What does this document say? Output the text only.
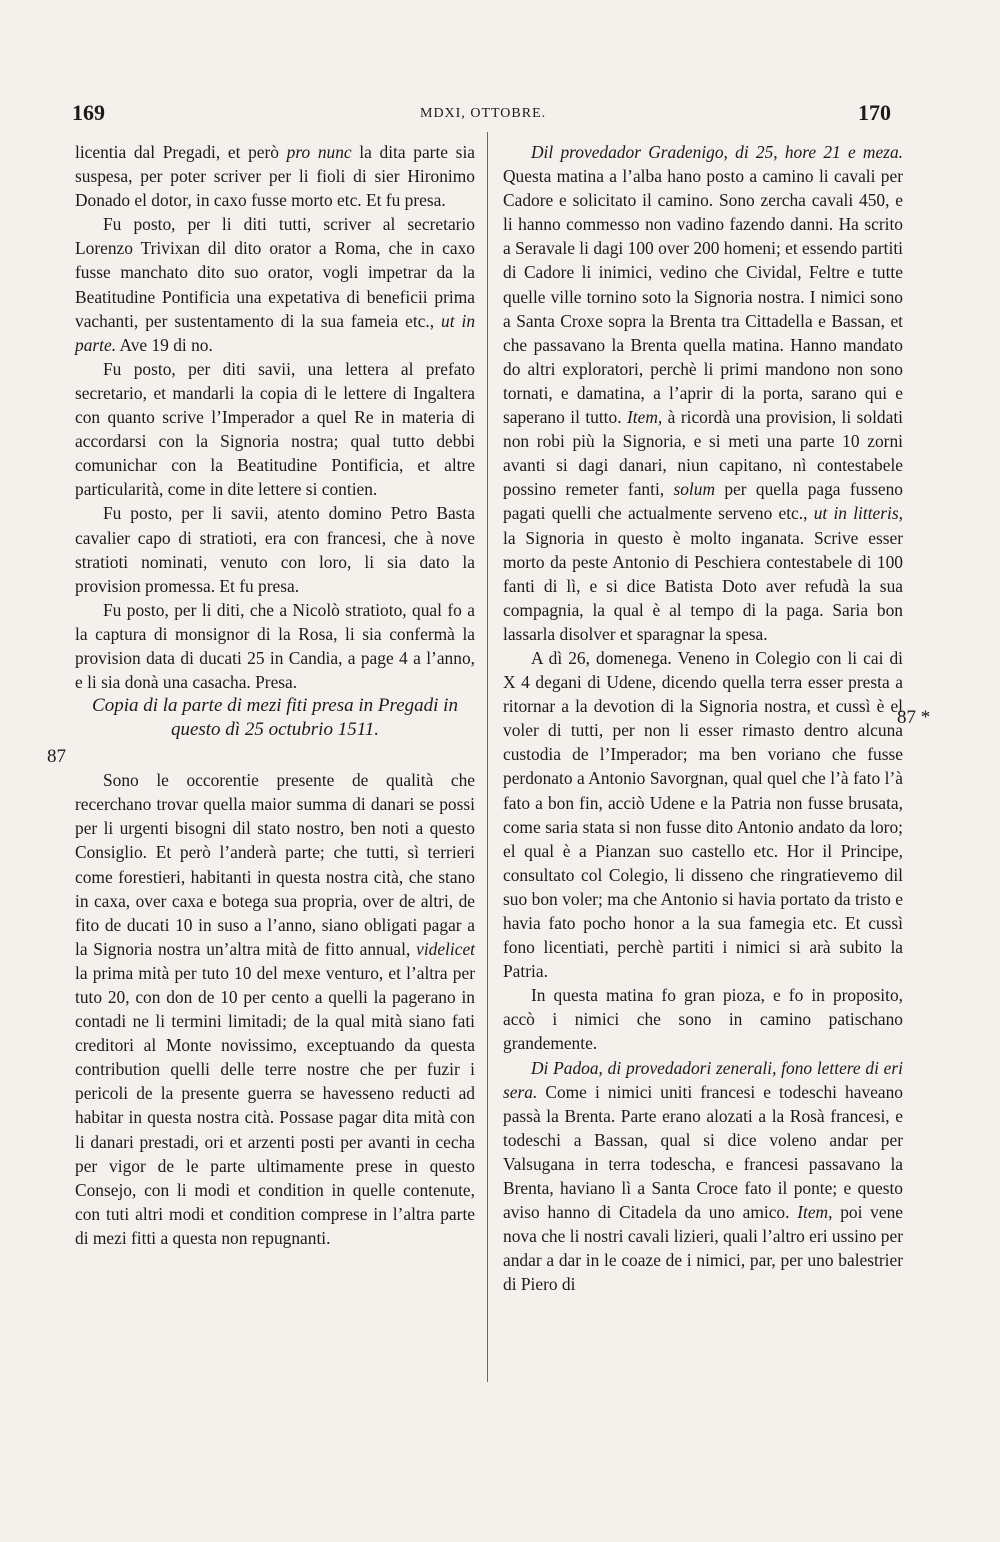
169	MDXI, OTTOBRE.	170
87
87 *

licentia dal Pregadi, et però pro nunc la dita parte sia suspesa, per poter scriver per li fioli di sier Hironimo Donado el dotor, in caxo fusse morto etc. Et fu presa.

Fu posto, per li diti tutti, scriver al secretario Lorenzo Trivixan dil dito orator a Roma, che in caxo fusse manchato dito suo orator, vogli impetrar da la Beatitudine Pontificia una expetativa di beneficii prima vachanti, per sustentamento di la sua fameia etc., ut in parte. Ave 19 di no.

Fu posto, per diti savii, una lettera al prefato secretario, et mandarli la copia di le lettere di Ingaltera con quanto scrive l’Imperador a quel Re in materia di accordarsi con la Signoria nostra; qual tutto debbi comunichar con la Beatitudine Pontificia, et altre particularità, come in dite lettere si contien.

Fu posto, per li savii, atento domino Petro Basta cavalier capo di stratioti, era con francesi, che à nove stratioti nominati, venuto con loro, li sia dato la provision promessa. Et fu presa.

Fu posto, per li diti, che a Nicolò stratioto, qual fo a la captura di monsignor di la Rosa, li sia confermà la provision data di ducati 25 in Candia, a page 4 a l’anno, e li sia donà una casacha. Presa.

Copia di la parte di mezi fiti presa in Pregadi in questo dì 25 octubrio 1511.

Sono le occorentie presente de qualità che recerchano trovar quella maior summa di danari se possi per li urgenti bisogni dil stato nostro, ben noti a questo Consiglio. Et però l’anderà parte; che tutti, sì terrieri come forestieri, habitanti in questa nostra cità, che stano in caxa, over caxa e botega sua propria, over de altri, de fito de ducati 10 in suso a l’anno, siano obligati pagar a la Signoria nostra un’altra mità de fitto annual, videlicet la prima mità per tuto 10 del mexe venturo, et l’altra per tuto 20, con don de 10 per cento a quelli la pagerano in contadi ne li termini limitadi; de la qual mità siano fati creditori al Monte novissimo, exceptuando da questa contribution quelli delle terre nostre che per fuzir i pericoli de la presente guerra se havesseno reducti ad habitar in questa nostra cità. Possase pagar dita mità con li danari prestadi, ori et arzenti posti per avanti in cecha per vigor de le parte ultimamente prese in questo Consejo, con li modi et condition in quelle contenute, con tuti altri modi et condition comprese in l’altra parte di mezi fitti a questa non repugnanti.

Dil provedador Gradenigo, di 25, hore 21 e meza. Questa matina a l’alba hano posto a camino li cavali per Cadore e solicitato il camino. Sono zercha cavali 450, e li hanno commesso non vadino fazendo danni. Ha scrito a Seravale li dagi 100 over 200 homeni; et essendo partiti di Cadore li inimici, vedino che Cividal, Feltre e tutte quelle ville tornino soto la Signoria nostra. I nimici sono a Santa Croxe sopra la Brenta tra Cittadella e Bassan, et che passavano la Brenta quella matina. Hanno mandato do altri exploratori, perchè li primi mandono non sono tornati, e damatina, a l’aprir di la porta, sarano qui e saperano il tutto. Item, à ricordà una provision, li soldati non robi più la Signoria, e si meti una parte 10 zorni avanti si dagi danari, niun capitano, nì contestabele possino remeter fanti, solum per quella paga fusseno pagati quelli che actualmente serveno etc., ut in litteris, la Signoria in questo è molto inganata. Scrive esser morto da peste Antonio di Peschiera contestabele di 100 fanti di lì, e si dice Batista Doto aver refudà la sua compagnia, la qual è al tempo di la paga. Saria bon lassarla disolver et sparagnar la spesa.

A dì 26, domenega. Veneno in Colegio con li cai di X 4 degani di Udene, dicendo quella terra esser presta a ritornar a la devotion di la Signoria nostra, et cussì è el voler di tutti, per non li esser rimasto dentro alcuna custodia de l’Imperador; ma ben voriano che fusse perdonato a Antonio Savorgnan, qual quel che l’à fato l’à fato a bon fin, acciò Udene e la Patria non fusse brusata, come saria stata si non fusse dito Antonio andato da loro; el qual è a Pianzan suo castello etc. Hor il Principe, consultato col Colegio, li disseno che ringratievemo dil suo bon voler; ma che Antonio si havia portato da tristo e havia fato pocho honor a la sua famegia etc. Et cussì fono licentiati, perchè partiti i nimici si arà subito la Patria.

In questa matina fo gran pioza, e fo in proposito, accò i nimici che sono in camino patischano grandemente.

Di Padoa, di provedadori zenerali, fono lettere di eri sera. Come i nimici uniti francesi e todeschi haveano passà la Brenta. Parte erano alozati a la Rosà francesi, e todeschi a Bassan, qual si dice voleno andar per Valsugana in terra todescha, e francesi passavano la Brenta, haviano lì a Santa Croce fato il ponte; e questo aviso hanno di Citadela da uno amico. Item, poi vene nova che li nostri cavali lizieri, quali l’altro eri ussino per andar a dar in le coaze de i nimici, par, per uno balestrier di Piero di
